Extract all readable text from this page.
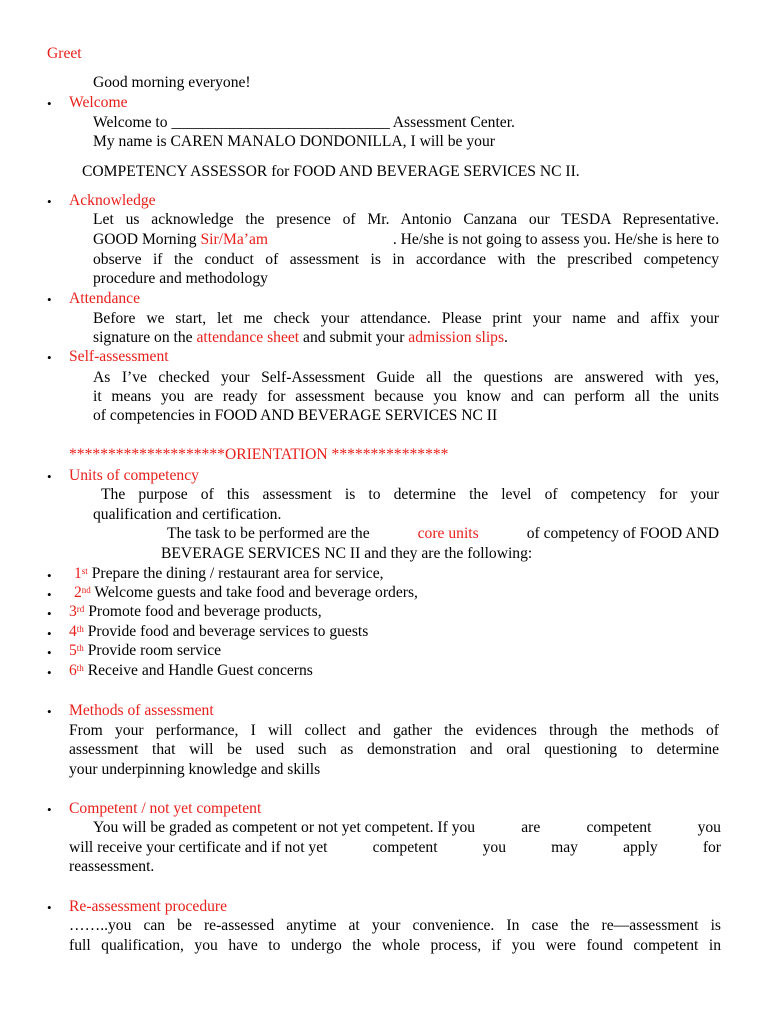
Greet
Good morning everyone!
• Welcome
Welcome to ____________________________ Assessment Center.
My name is CAREN MANALO DONDONILLA, I will be your
COMPETENCY ASSESSOR for FOOD AND BEVERAGE SERVICES NC II.
• Acknowledge
Let us acknowledge the presence of Mr. Antonio Canzana our TESDA Representative.
GOOD Morning Sir/Ma’am	. He/she is not going to assess you. He/she is here to
observe if the conduct of assessment is in accordance with the prescribed competency
procedure and methodology
• Attendance
Before we start, let me check your attendance. Please print your name and affix your
signature on the attendance sheet and submit your admission slips.
• Self-assessment
As I’ve checked your Self-Assessment Guide all the questions are answered with yes,
it means you are ready for assessment because you know and can perform all the units
of competencies in FOOD AND BEVERAGE SERVICES NC II
********************ORIENTATION ***************
• Units of competency
The purpose of this assessment is to determine the level of competency for your
qualification and certification.
The task to be performed are the	core units	of competency of FOOD AND
BEVERAGE SERVICES NC II and they are the following:
• 1st Prepare the dining / restaurant area for service,
• 2nd Welcome guests and take food and beverage orders,
• 3rd Promote food and beverage products,
• 4th Provide food and beverage services to guests
• 5th Provide room service
• 6th Receive and Handle Guest concerns
• Methods of assessment
From your performance, I will collect and gather the evidences through the methods of
assessment that will be used such as demonstration and oral questioning to determine
your underpinning knowledge and skills
• Competent / not yet competent
You will be graded as competent or not yet competent. If you	are	competent	you
will receive your certificate and if not yet	competent	you	may	apply	for
reassessment.
• Re-assessment procedure
……..you can be re-assessed anytime at your convenience. In case the re—assessment is
full qualification, you have to undergo the whole process, if you were found competent in
